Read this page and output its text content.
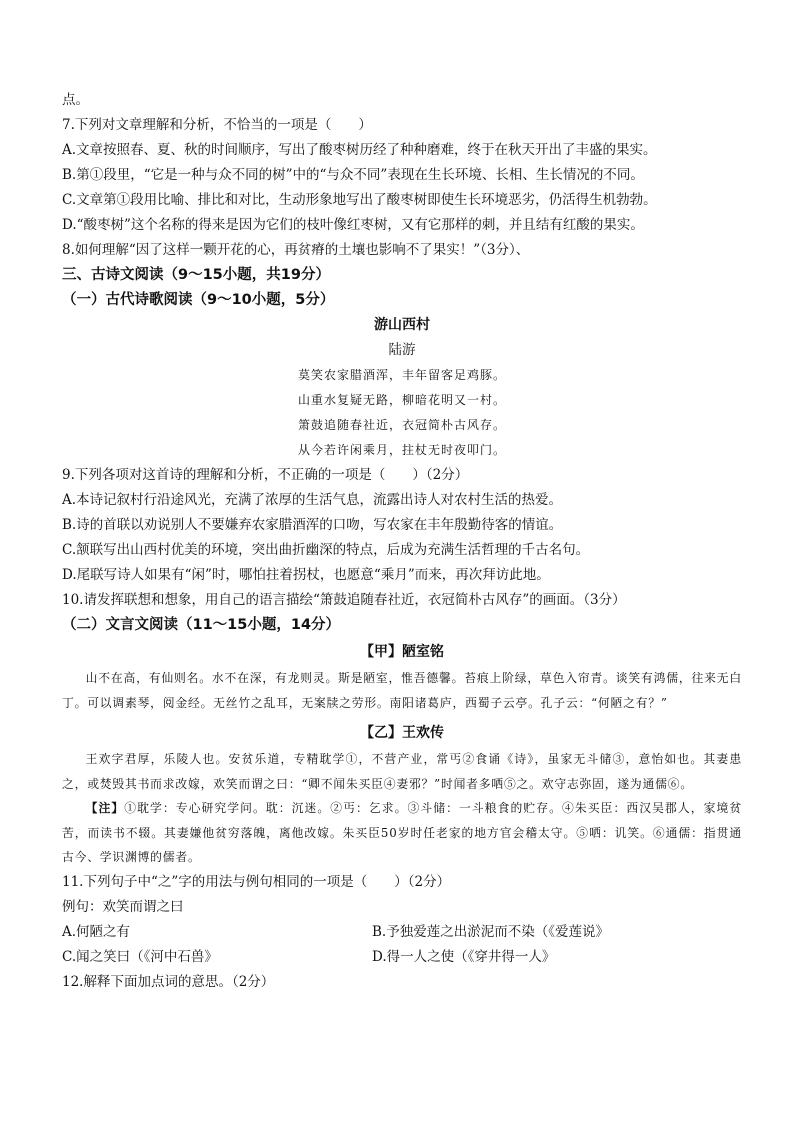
点。
7.下列对文章理解和分析，不恰当的一项是（　　）
A.文章按照春、夏、秋的时间顺序，写出了酸枣树历经了种种磨难，终于在秋天开出了丰盛的果实。
B.第①段里，“它是一种与众不同的树”中的“与众不同”表现在生长环境、长相、生长情况的不同。
C.文章第①段用比喻、排比和对比，生动形象地写出了酸枣树即使生长环境恶劣，仍活得生机勃勃。
D.“酸枣树”这个名称的得来是因为它们的枝叶像红枣树，又有它那样的刺，并且结有红酸的果实。
8.如何理解“因了这样一颗开花的心，再贫瘠的土壤也影响不了果实！”（3分）、
三、古诗文阅读（9～15小题，共19分）
（一）古代诗歌阅读（9～10小题，5分）
游山西村
陆游
莫笑农家腊酒浑，丰年留客足鸡豚。
山重水复疑无路，柳暗花明又一村。
箫鼓追随春社近，衣冠简朴古风存。
从今若许闲乘月，拄杖无时夜叩门。
9.下列各项对这首诗的理解和分析，不正确的一项是（　　）（2分）
A.本诗记叙村行沿途风光，充满了浓厚的生活气息，流露出诗人对农村生活的热爱。
B.诗的首联以劝说别人不要嫌弃农家腊酒浑的口吻，写农家在丰年殷勤待客的情谊。
C.颔联写出山西村优美的环境，突出曲折幽深的特点，后成为充满生活哲理的千古名句。
D.尾联写诗人如果有“闲”时，哪怕拄着拐杖，也愿意“乘月”而来，再次拜访此地。
10.请发挥联想和想象，用自己的语言描绘“箫鼓追随春社近，衣冠简朴古风存”的画面。（3分）
（二）文言文阅读（11～15小题，14分）
【甲】陋室铭
山不在高，有仙则名。水不在深，有龙则灵。斯是陋室，惟吾德馨。苔痕上阶绿，草色入帘青。谈笑有鸿儒，往来无白丁。可以调素琴，阅金经。无丝竹之乱耳，无案牍之劳形。南阳诸葛庐，西蜀子云亭。孔子云：“何陋之有？”
【乙】王欢传
王欢字君厚，乐陵人也。安贫乐道，专精耽学①，不营产业，常丐②食诵《诗》，虽家无斗储③，意怡如也。其妻患之，或焚毁其书而求改嫁，欢笑而谓之曰：“卿不闻朱买臣④妻邪？”时闻者多哂⑤之。欢守志弥固，遂为通儒⑥。
【注】①耽学：专心研究学问。耽：沉迷。②丐：乞求。③斗储：一斗粮食的贮存。④朱买臣：西汉吴郡人，家境贫苦，而读书不辍。其妻嫌他贫穷落魄，离他改嫁。朱买臣50岁时任老家的地方官会稽太守。⑤哂：讥笑。⑥通儒：指贯通古今、学识渊博的儒者。
11.下列句子中“之”字的用法与例句相同的一项是（　　）（2分）
例句：欢笑而谓之曰
A.何陋之有	B.予独爱莲之出淤泥而不染（《爱莲说》
C.闻之笑曰（《河中石兽》	D.得一人之使（《穿井得一人》
12.解释下面加点词的意思。（2分）
